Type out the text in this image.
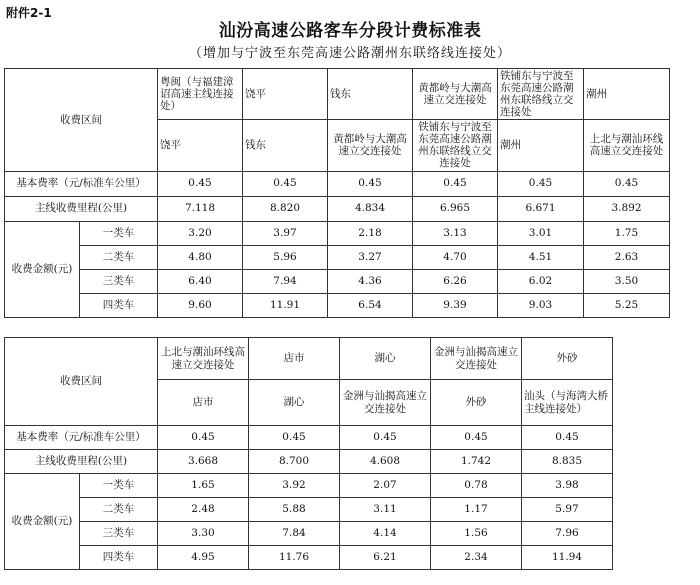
附件2-1
汕汾高速公路客车分段计费标准表
（增加与宁波至东莞高速公路潮州东联络线连接处）
收费区间		粤闽（与福建漳诏高速主线连接处）	饶平	钱东	黄都岭与大潮高速立交连接处	铁铺东与宁波至东莞高速公路潮州东联络线立交连接处	潮州
		饶平	钱东	黄都岭与大潮高速立交连接处	铁铺东与宁波至东莞高速公路潮州东联络线立交连接处	潮州	上北与潮汕环线高速立交连接处
基本费率（元/标准车公里）		0.45	0.45	0.45	0.45	0.45	0.45
主线收费里程(公里)		7.118	8.820	4.834	6.965	6.671	3.892
收费金额(元)	一类车	3.20	3.97	2.18	3.13	3.01	1.75
	二类车	4.80	5.96	3.27	4.70	4.51	2.63
	三类车	6.40	7.94	4.36	6.26	6.02	3.50
	四类车	9.60	11.91	6.54	9.39	9.03	5.25
收费区间		上北与潮汕环线高速立交连接处	店市	湖心	金洲与汕揭高速立交连接处	外砂
		店市	湖心	金洲与汕揭高速立交连接处	外砂	汕头（与海湾大桥主线连接处）
基本费率（元/标准车公里）		0.45	0.45	0.45	0.45	0.45
主线收费里程(公里)		3.668	8.700	4.608	1.742	8.835
收费金额(元)	一类车	1.65	3.92	2.07	0.78	3.98
	二类车	2.48	5.88	3.11	1.17	5.97
	三类车	3.30	7.84	4.14	1.56	7.96
	四类车	4.95	11.76	6.21	2.34	11.94
